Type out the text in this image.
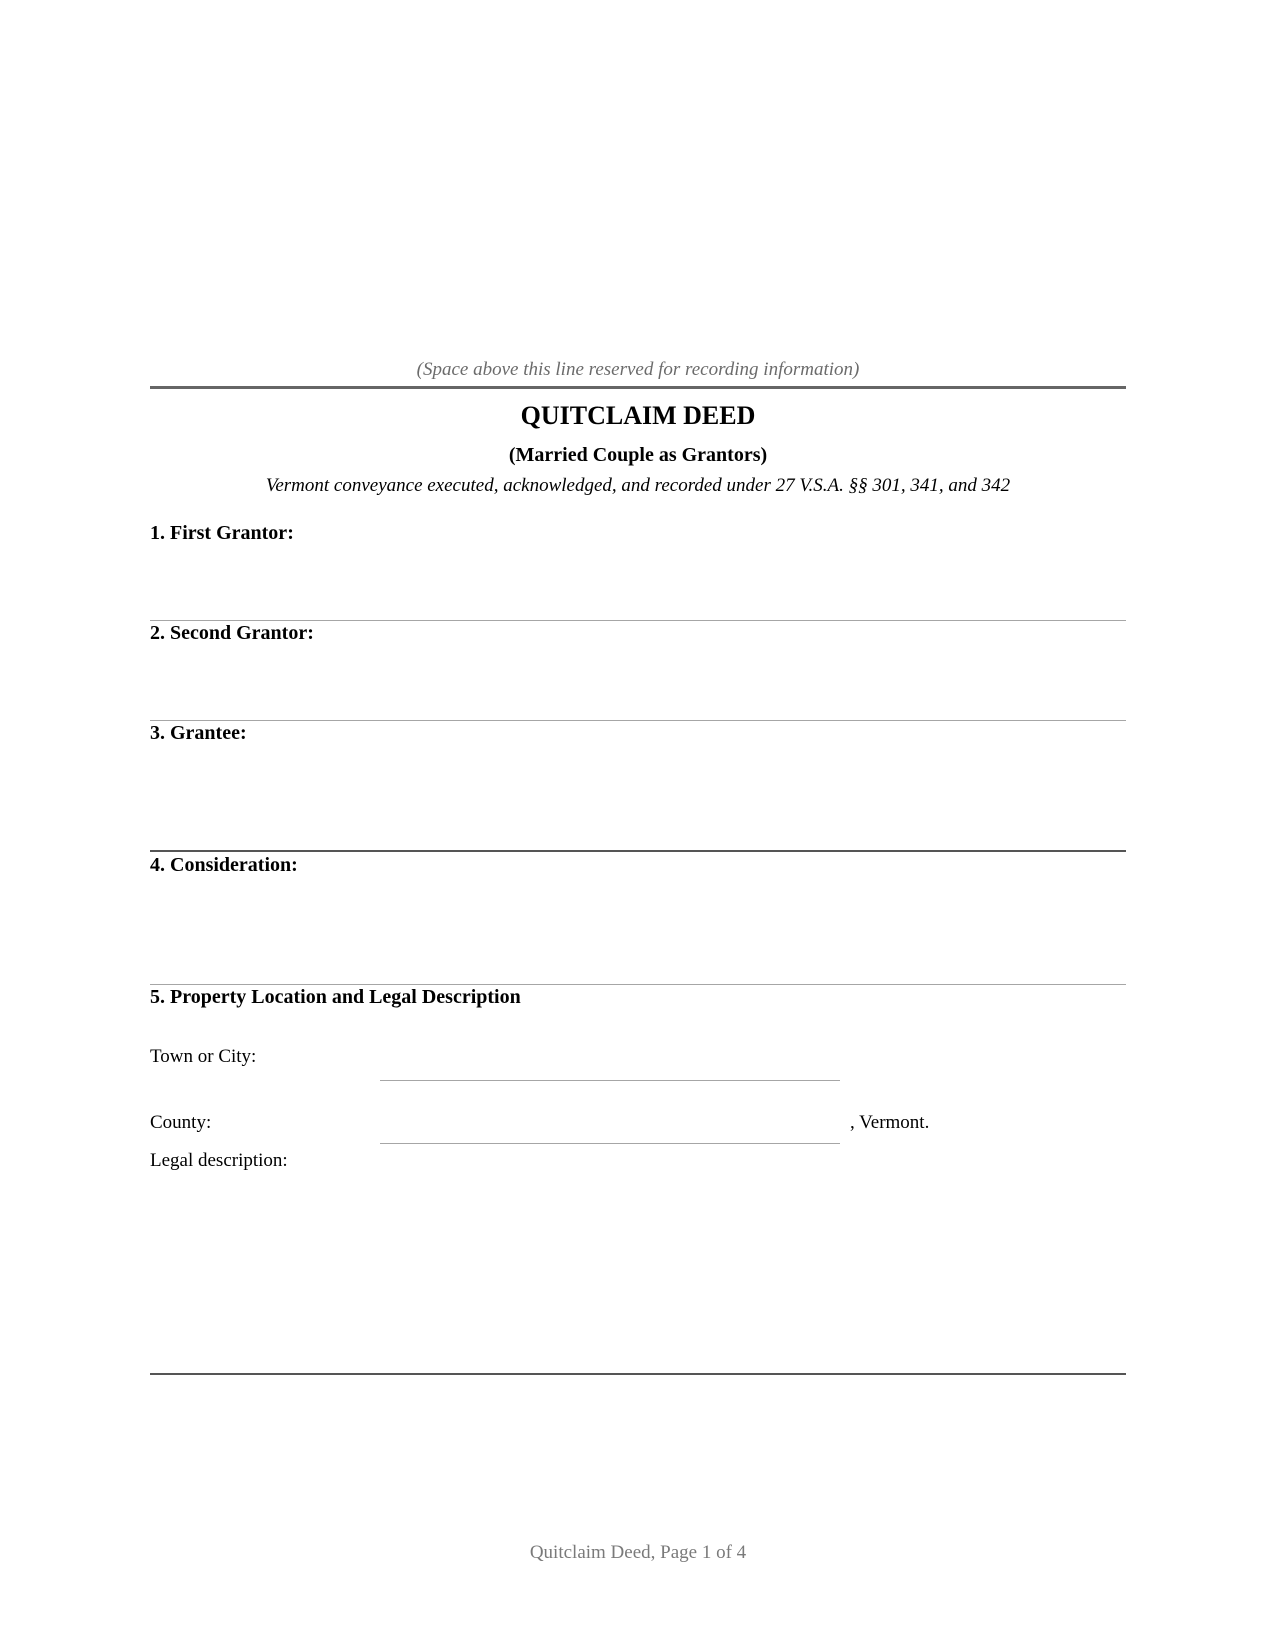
(Space above this line reserved for recording information)
QUITCLAIM DEED
(Married Couple as Grantors)
Vermont conveyance executed, acknowledged, and recorded under 27 V.S.A. §§ 301, 341, and 342
1. First Grantor:
2. Second Grantor:
3. Grantee:
4. Consideration:
5. Property Location and Legal Description
Town or City:
County:	, Vermont.
Legal description:
Quitclaim Deed, Page 1 of 4
